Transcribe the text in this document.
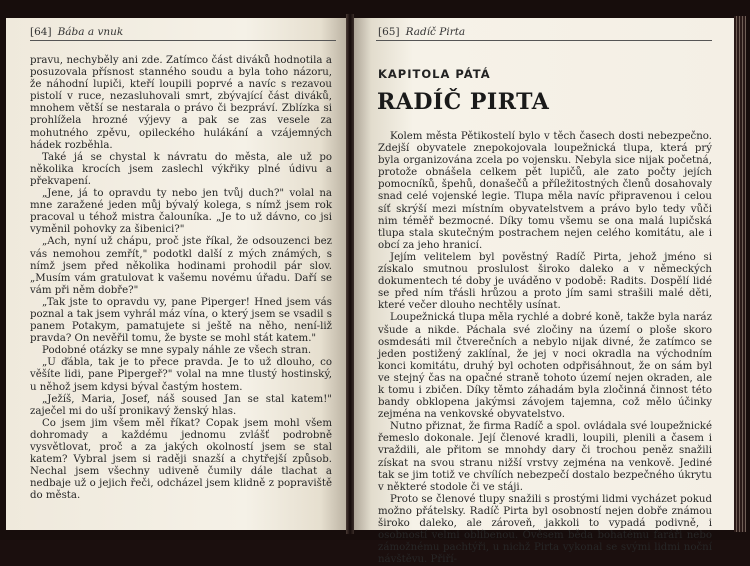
[64] Bába a vnuk

pravu, nechyběly ani zde. Zatímco část diváků hodnotila a posuzovala přísnost stanného soudu a byla toho názoru, že náhodní lupiči, kteří loupili poprvé a navíc s rezavou pistolí v ruce, nezasluhovali smrt, zbývající část diváků, mnohem větší se nestarala o právo či bezpráví. Zblízka si prohlížela hrozné výjevy a pak se zas vesele za mohutného zpěvu, opileckého hulákání a vzájemných hádek rozběhla.

Také já se chystal k návratu do města, ale už po několika krocích jsem zaslechl výkřiky plné údivu a překvapení.

„Jene, já to opravdu ty nebo jen tvůj duch?" volal na mne zaražené jeden můj bývalý kolega, s nímž jsem rok pracoval u téhož mistra čalouníka. „Je to už dávno, co jsi vyměnil pohovky za šibenici?"

„Ach, nyní už chápu, proč jste říkal, že odsouzenci bez vás nemohou zemřít," podotkl další z mých známých, s nímž jsem před několika hodinami prohodil pár slov. „Musím vám gratulovat k vašemu novému úřadu. Daří se vám při něm dobře?"

„Tak jste to opravdu vy, pane Piperger! Hned jsem vás poznal a tak jsem vyhrál máz vína, o který jsem se vsadil s panem Potakym, pamatujete si ještě na něho, není-liž pravda? On nevěřil tomu, že byste se mohl stát katem."

Podobné otázky se mne sypaly náhle ze všech stran.

„U ďábla, tak je to přece pravda. Je to už dlouho, co věšíte lidi, pane Pipergeř?" volal na mne tlustý hostinský, u něhož jsem kdysi býval častým hostem.

„Ježíš, Maria, Josef, náš soused Jan se stal katem!" zaječel mi do uší pronikavý ženský hlas.

Co jsem jim všem měl říkat? Copak jsem mohl všem dohromady a každému jednomu zvlášť podrobně vysvětlovat, proč a za jakých okolností jsem se stal katem? Vybral jsem si raději snazší a chytřejší způsob. Nechal jsem všechny udiveně čumily dále tlachat a nedbaje už o jejich řeči, odcházel jsem klidně z popraviště do města.

[65] Radíč Pirta
KAPITOLA PÁTÁ
RADÍČ PIRTA

Kolem města Pětikostelí bylo v těch časech dosti nebezpečno. Zdejší obyvatele znepokojovala loupežnická tlupa, která prý byla organizována zcela po vojensku. Nebyla sice nijak početná, protože obnášela celkem pět lupičů, ale zato počty jejích pomocníků, špehů, donašečů a příležitostných členů dosahovaly snad celé vojenské legie. Tlupa měla navíc připravenou i celou síť skrýší mezi místním obyvatelstvem a právo bylo tedy vůči nim téměř bezmocné. Díky tomu všemu se ona malá lupičská tlupa stala skutečným postrachem nejen celého komitátu, ale i obcí za jeho hranicí.

Jejím velitelem byl pověstný Radíč Pirta, jehož jméno si získalo smutnou proslulost široko daleko a v německých dokumentech té doby je uváděno v podobě: Radits. Dospělí lidé se před ním třásli hrůzou a proto jím sami strašili malé děti, které večer dlouho nechtěly usínat.

Loupežnická tlupa měla rychlé a dobré koně, takže byla naráz všude a nikde. Páchala své zločiny na území o ploše skoro osmdesáti mil čtverečních a nebylo nijak divné, že zatímco se jeden postižený zaklínal, že jej v noci okradla na východním konci komitátu, druhý byl ochoten odpřisáhnout, že on sám byl ve stejný čas na opačné straně tohoto území nejen okraden, ale k tomu i zbičen. Díky těmto záhadám byla zločinná činnost této bandy obklopena jakýmsi závojem tajemna, což mělo účinky zejména na venkovské obyvatelstvo.

Nutno přiznat, že firma Radíč a spol. ovládala své loupežnické řemeslo dokonale. Její členové kradli, loupili, plenili a časem i vraždili, ale přitom se mnohdy dary či trochou peněz snažili získat na svou stranu nižší vrstvy zejména na venkově. Jediné tak se jim totiž ve chvílích nebezpečí dostalo bezpečného úkrytu v některé stodole či ve stáji.

Proto se členové tlupy snažili s prostými lidmi vycházet pokud možno přátelsky. Radíč Pirta byl osobností nejen dobře známou široko daleko, ale zároveň, jakkoli to vypadá podivně, i osobností velmi oblíbenou. Ověsem běda bohatému faráři nebo zámožnému pachtýři, u nichž Pirta vykonal se svými lidmi noční návštěvu. Přiří-
